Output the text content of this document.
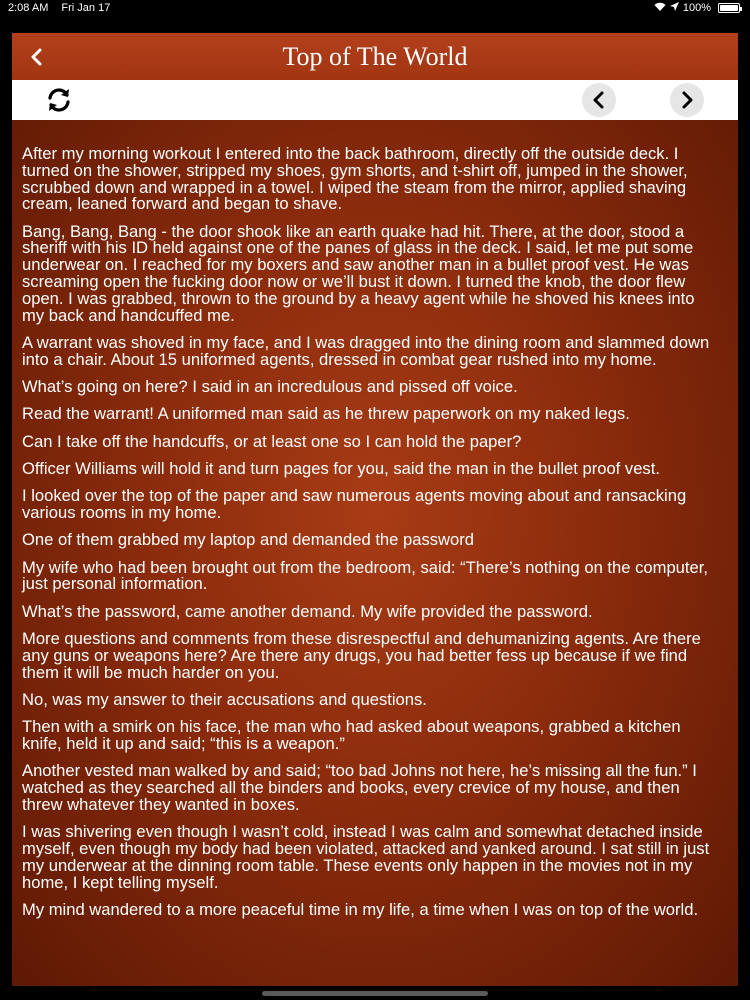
2:08 AM Fri Jan 17	100%
Top of The World

After my morning workout I entered into the back bathroom, directly off the outside deck. I turned on the shower, stripped my shoes, gym shorts, and t-shirt off, jumped in the shower, scrubbed down and wrapped in a towel. I wiped the steam from the mirror, applied shaving cream, leaned forward and began to shave.

Bang, Bang, Bang - the door shook like an earth quake had hit. There, at the door, stood a sheriff with his ID held against one of the panes of glass in the deck. I said, let me put some underwear on. I reached for my boxers and saw another man in a bullet proof vest. He was screaming open the fucking door now or we’ll bust it down. I turned the knob, the door flew open. I was grabbed, thrown to the ground by a heavy agent while he shoved his knees into my back and handcuffed me.

A warrant was shoved in my face, and I was dragged into the dining room and slammed down into a chair. About 15 uniformed agents, dressed in combat gear rushed into my home.

What’s going on here? I said in an incredulous and pissed off voice.

Read the warrant! A uniformed man said as he threw paperwork on my naked legs.

Can I take off the handcuffs, or at least one so I can hold the paper?

Officer Williams will hold it and turn pages for you, said the man in the bullet proof vest.

I looked over the top of the paper and saw numerous agents moving about and ransacking various rooms in my home.

One of them grabbed my laptop and demanded the password

My wife who had been brought out from the bedroom, said: “There’s nothing on the computer, just personal information.

What’s the password, came another demand. My wife provided the password.

More questions and comments from these disrespectful and dehumanizing agents. Are there any guns or weapons here? Are there any drugs, you had better fess up because if we find them it will be much harder on you.

No, was my answer to their accusations and questions.

Then with a smirk on his face, the man who had asked about weapons, grabbed a kitchen knife, held it up and said; “this is a weapon.”

Another vested man walked by and said; “too bad Johns not here, he’s missing all the fun.” I watched as they searched all the binders and books, every crevice of my house, and then threw whatever they wanted in boxes.

I was shivering even though I wasn’t cold, instead I was calm and somewhat detached inside myself, even though my body had been violated, attacked and yanked around. I sat still in just my underwear at the dinning room table. These events only happen in the movies not in my home, I kept telling myself.

My mind wandered to a more peaceful time in my life, a time when I was on top of the world.
